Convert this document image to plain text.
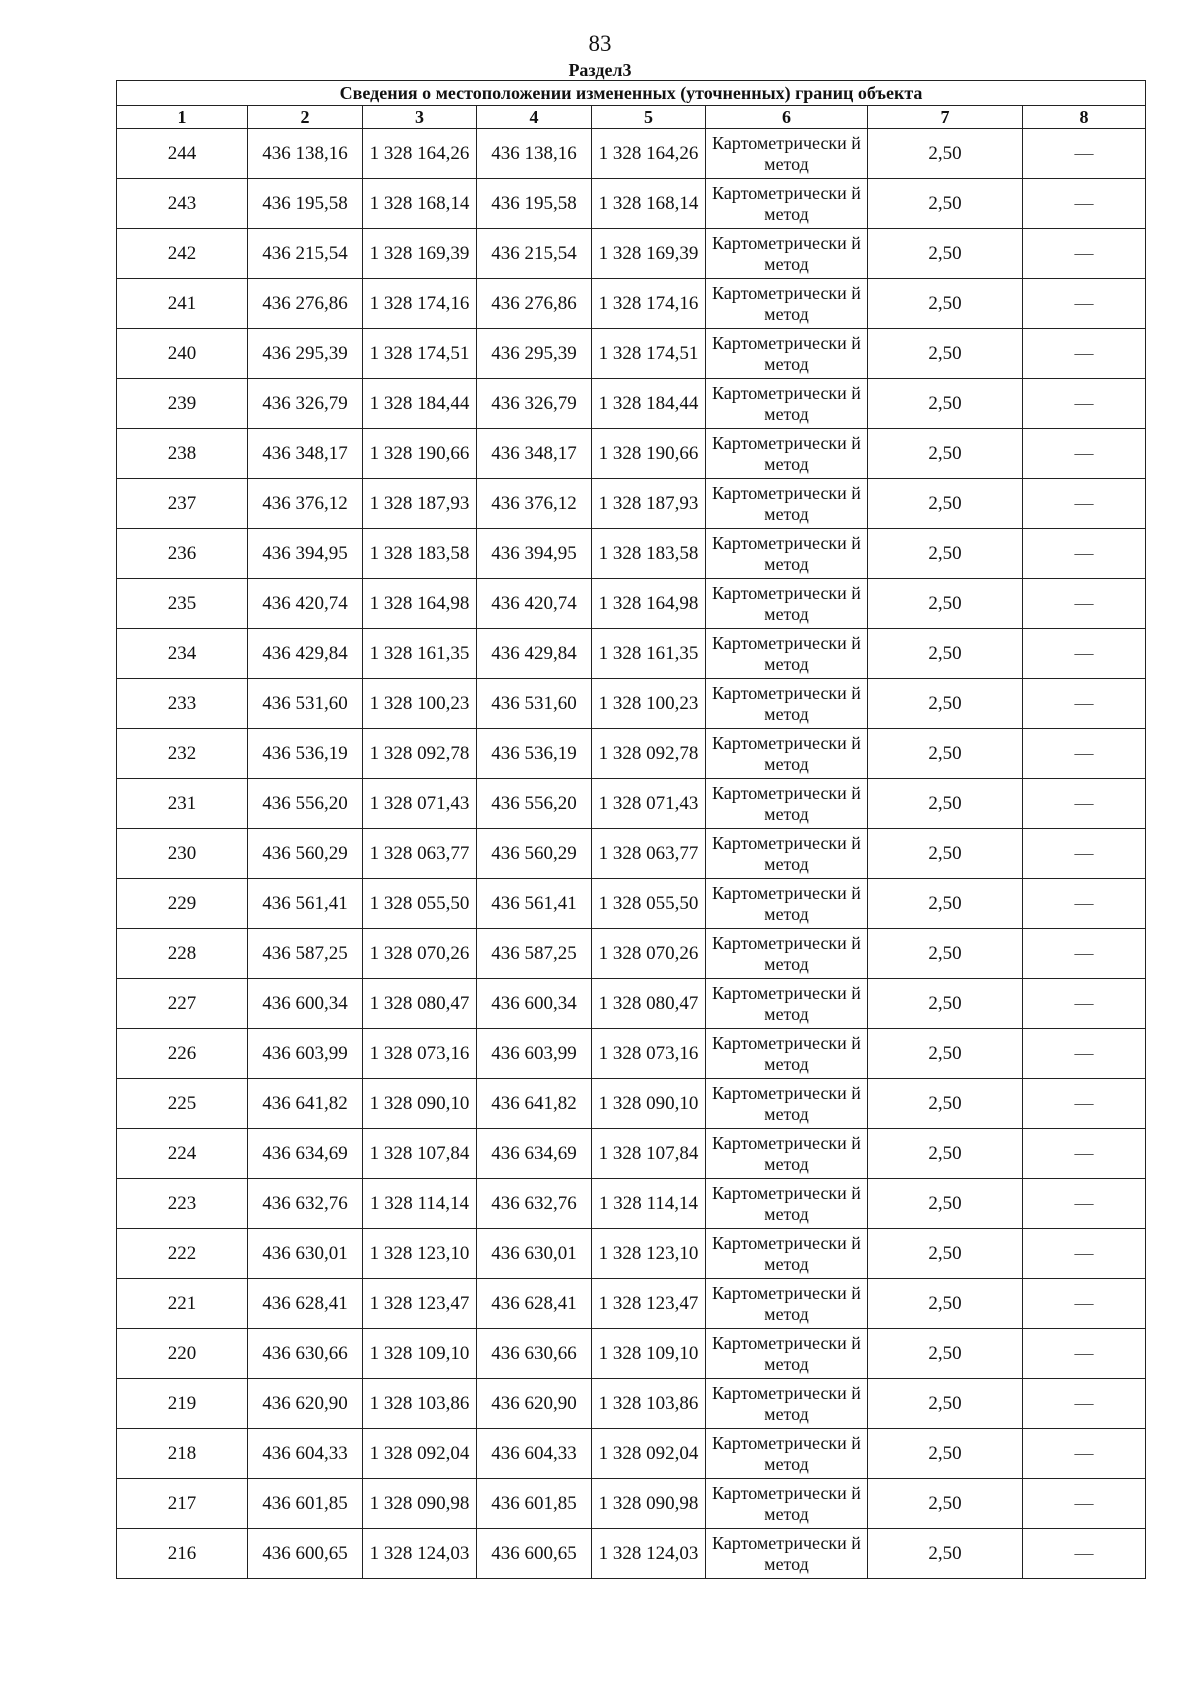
83
Раздел3
Сведения о местоположении измененных (уточненных) границ объекта							
1	2	3	4	5	6	7	8
244	436 138,16	1 328 164,26	436 138,16	1 328 164,26	Картометрически й метод	2,50	—
243	436 195,58	1 328 168,14	436 195,58	1 328 168,14	Картометрически й метод	2,50	—
242	436 215,54	1 328 169,39	436 215,54	1 328 169,39	Картометрически й метод	2,50	—
241	436 276,86	1 328 174,16	436 276,86	1 328 174,16	Картометрически й метод	2,50	—
240	436 295,39	1 328 174,51	436 295,39	1 328 174,51	Картометрически й метод	2,50	—
239	436 326,79	1 328 184,44	436 326,79	1 328 184,44	Картометрически й метод	2,50	—
238	436 348,17	1 328 190,66	436 348,17	1 328 190,66	Картометрически й метод	2,50	—
237	436 376,12	1 328 187,93	436 376,12	1 328 187,93	Картометрически й метод	2,50	—
236	436 394,95	1 328 183,58	436 394,95	1 328 183,58	Картометрически й метод	2,50	—
235	436 420,74	1 328 164,98	436 420,74	1 328 164,98	Картометрически й метод	2,50	—
234	436 429,84	1 328 161,35	436 429,84	1 328 161,35	Картометрически й метод	2,50	—
233	436 531,60	1 328 100,23	436 531,60	1 328 100,23	Картометрически й метод	2,50	—
232	436 536,19	1 328 092,78	436 536,19	1 328 092,78	Картометрически й метод	2,50	—
231	436 556,20	1 328 071,43	436 556,20	1 328 071,43	Картометрически й метод	2,50	—
230	436 560,29	1 328 063,77	436 560,29	1 328 063,77	Картометрически й метод	2,50	—
229	436 561,41	1 328 055,50	436 561,41	1 328 055,50	Картометрически й метод	2,50	—
228	436 587,25	1 328 070,26	436 587,25	1 328 070,26	Картометрически й метод	2,50	—
227	436 600,34	1 328 080,47	436 600,34	1 328 080,47	Картометрически й метод	2,50	—
226	436 603,99	1 328 073,16	436 603,99	1 328 073,16	Картометрически й метод	2,50	—
225	436 641,82	1 328 090,10	436 641,82	1 328 090,10	Картометрически й метод	2,50	—
224	436 634,69	1 328 107,84	436 634,69	1 328 107,84	Картометрически й метод	2,50	—
223	436 632,76	1 328 114,14	436 632,76	1 328 114,14	Картометрически й метод	2,50	—
222	436 630,01	1 328 123,10	436 630,01	1 328 123,10	Картометрически й метод	2,50	—
221	436 628,41	1 328 123,47	436 628,41	1 328 123,47	Картометрически й метод	2,50	—
220	436 630,66	1 328 109,10	436 630,66	1 328 109,10	Картометрически й метод	2,50	—
219	436 620,90	1 328 103,86	436 620,90	1 328 103,86	Картометрически й метод	2,50	—
218	436 604,33	1 328 092,04	436 604,33	1 328 092,04	Картометрически й метод	2,50	—
217	436 601,85	1 328 090,98	436 601,85	1 328 090,98	Картометрически й метод	2,50	—
216	436 600,65	1 328 124,03	436 600,65	1 328 124,03	Картометрически й метод	2,50	—
